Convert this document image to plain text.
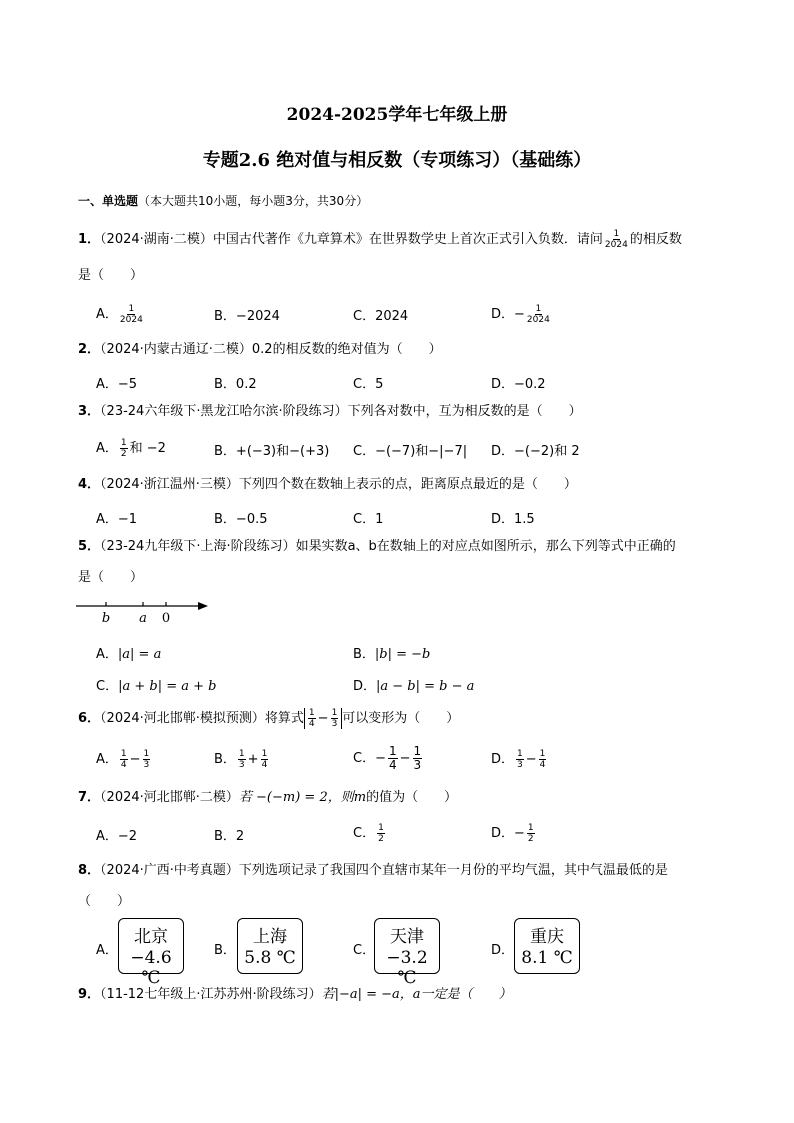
2024-2025学年七年级上册
专题2.6 绝对值与相反数（专项练习）（基础练）
一、单选题（本大题共10小题，每小题3分，共30分）
1．（2024·湖南·二模）中国古代著作《九章算术》在世界数学史上首次正式引入负数．请问 $\frac{1}{2024}$ 的相反数
是（　　）
A． $\frac{1}{2024}$	B．−2024	C．2024	D．− $\frac{1}{2024}$
2．（2024·内蒙古通辽·二模）0.2的相反数的绝对值为（　　）
A．−5	B．0.2	C．5	D．−0.2
3．（23-24六年级下·黑龙江哈尔滨·阶段练习）下列各对数中，互为相反数的是（　　）
A． $\frac{1}{2}$ 和 −2	B．+(−3)和−(+3) C．−(−7)和−|−7| D．−(−2)和 2
4．（2024·浙江温州·三模）下列四个数在数轴上表示的点，距离原点最近的是（　　）
A．−1	B．−0.5	C．1	D．1.5
5．（23-24九年级下·上海·阶段练习）如果实数a、b在数轴上的对应点如图所示，那么下列等式中正确的
是（　　）
b a 0
A．|a| = a	B．|b| = −b
C．|a + b| = a + b	D．|a − b| = b − a
6．（2024·河北邯郸·模拟预测）将算式 $\frac{1}{4} - \frac{1}{3}$ 可以变形为（　　）
A． $\frac{1}{4} - \frac{1}{3}$	B． $\frac{1}{3} + \frac{1}{4}$	C．− $\frac{1}{4} - \frac{1}{3}$	D． $\frac{1}{3} - \frac{1}{4}$
7．（2024·河北邯郸·二模）若 −(−m) = 2，则m的值为（　　）
A．−2	B．2	C． $\frac{1}{2}$	D．− $\frac{1}{2}$
8．（2024·广西·中考真题）下列选项记录了我国四个直辖市某年一月份的平均气温，其中气温最低的是
（　　）
A．
北京
−4.6 ℃
B．
上海
5.8 ℃	C．
天津
−3.2 ℃
D．
重庆
8.1 ℃
9．（11-12七年级上·江苏苏州·阶段练习）若|−a| = −a，a一定是（　　）
